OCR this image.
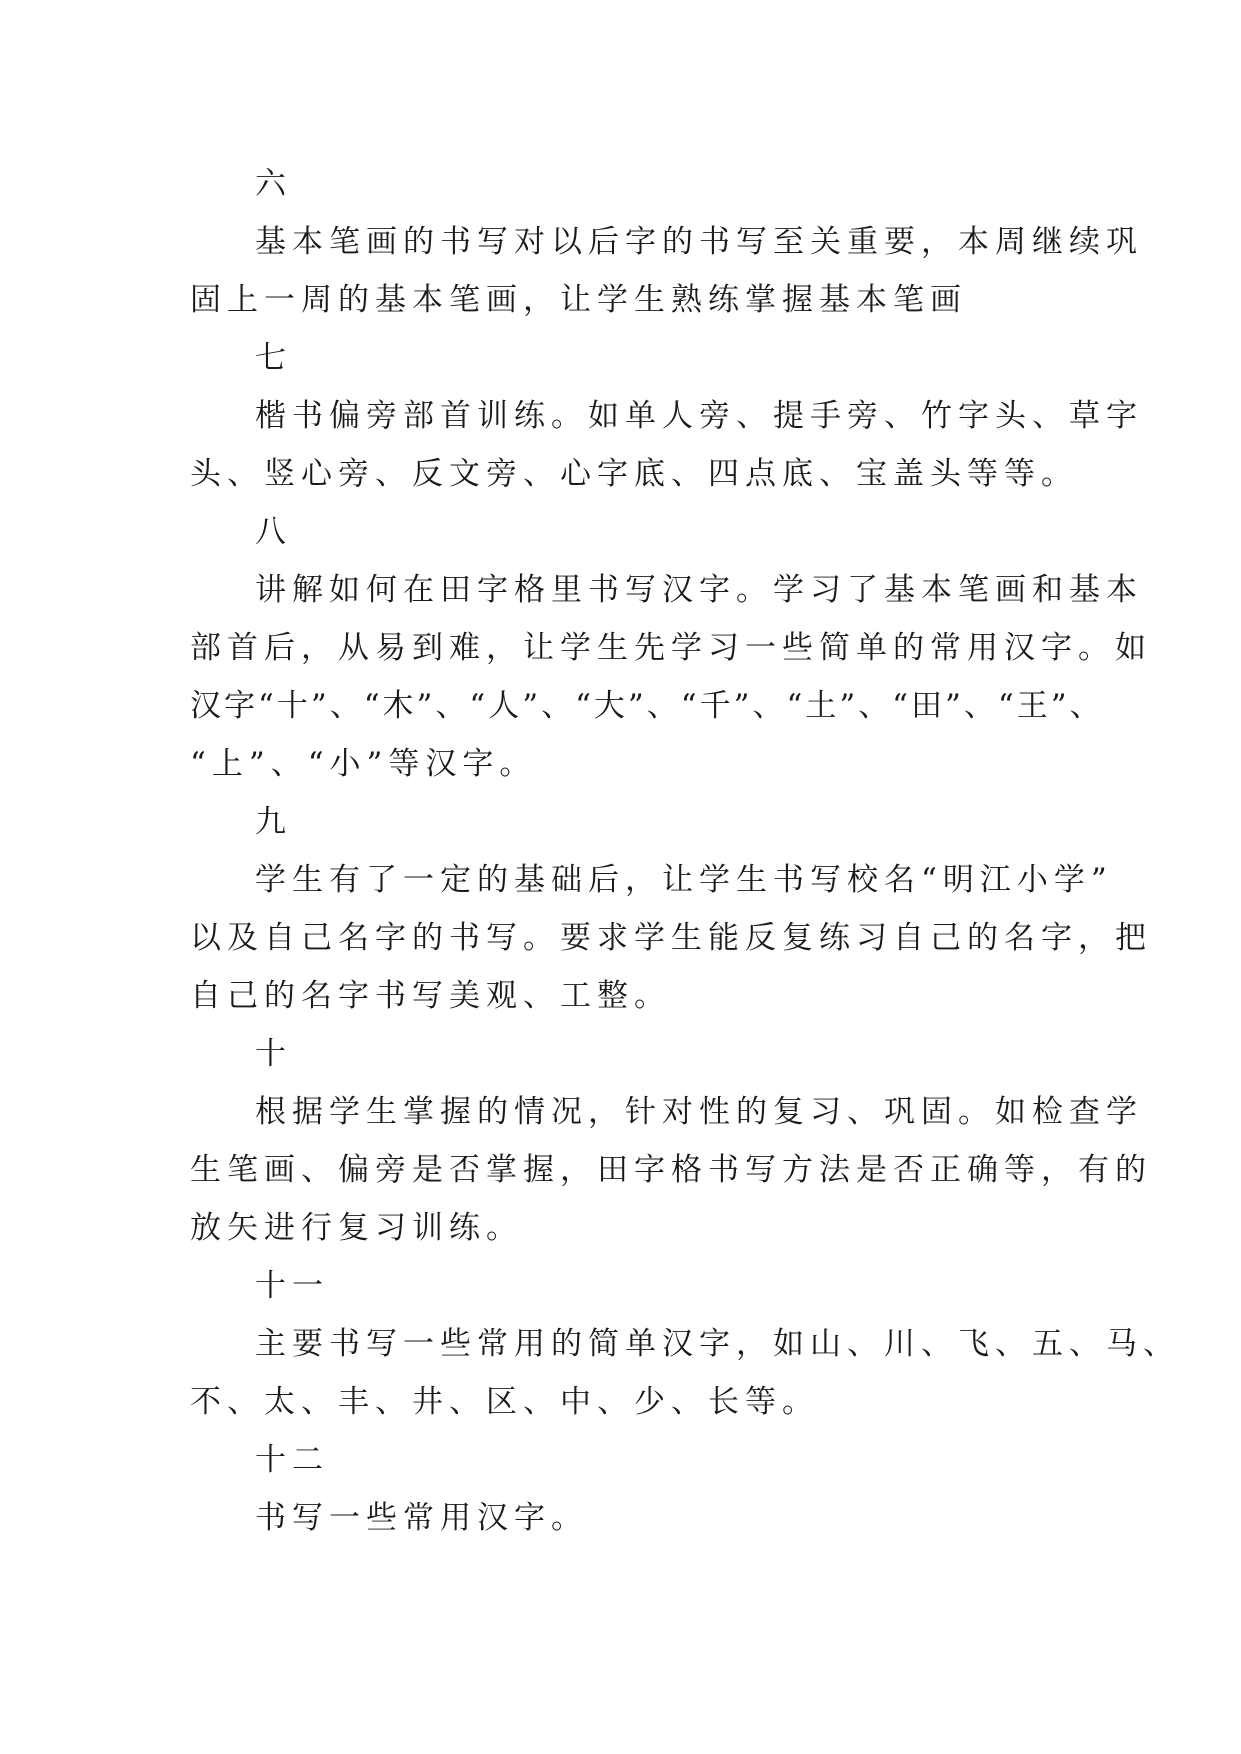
六
基本笔画的书写对以后字的书写至关重要，本周继续巩
固上一周的基本笔画，让学生熟练掌握基本笔画
七
楷书偏旁部首训练。如单人旁、提手旁、竹字头、草字
头、竖心旁、反文旁、心字底、四点底、宝盖头等等。
八
讲解如何在田字格里书写汉字。学习了基本笔画和基本
部首后，从易到难，让学生先学习一些简单的常用汉字。如
汉字“十”、“木”、“人”、“大”、“千”、“土”、“田”、“王”、
“上”、“小”等汉字。
九
学生有了一定的基础后，让学生书写校名“明江小学”
以及自己名字的书写。要求学生能反复练习自己的名字，把
自己的名字书写美观、工整。
十
根据学生掌握的情况，针对性的复习、巩固。如检查学
生笔画、偏旁是否掌握，田字格书写方法是否正确等，有的
放矢进行复习训练。
十一
主要书写一些常用的简单汉字，如山、川、飞、五、马、
不、太、丰、井、区、中、少、长等。
十二
书写一些常用汉字。
